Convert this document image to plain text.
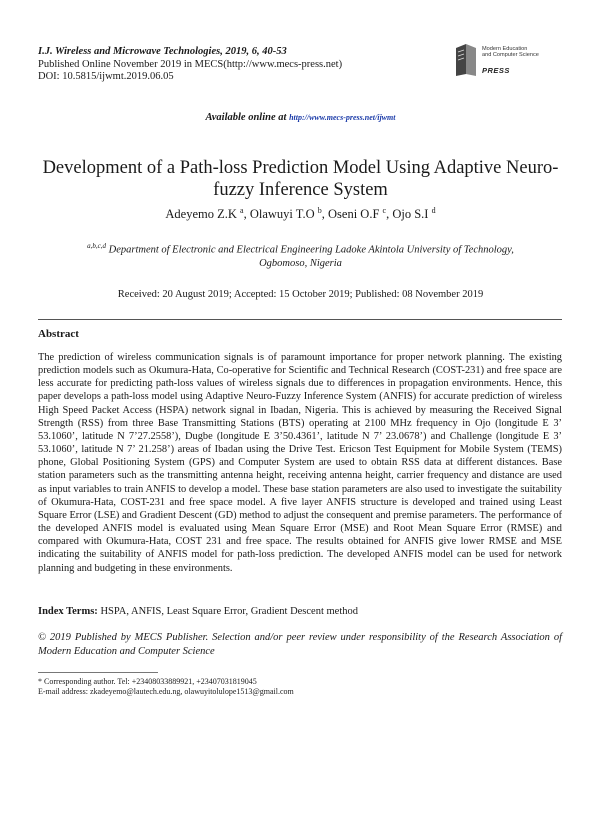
I.J. Wireless and Microwave Technologies, 2019, 6, 40-53
Published Online November 2019 in MECS(http://www.mecs-press.net)
DOI: 10.5815/ijwmt.2019.06.05
Modern Education
and Computer Science
PRESS
Available online at http://www.mecs-press.net/ijwmt
Development of a Path-loss Prediction Model Using Adaptive Neuro-
fuzzy Inference System
Adeyemo Z.K $^a$, Olawuyi T.O $^b$, Oseni O.F $^c$, Ojo S.I $^d$
$^{a,b,c,d}$ Department of Electronic and Electrical Engineering Ladoke Akintola University of Technology,
Ogbomoso, Nigeria
Received: 20 August 2019; Accepted: 15 October 2019; Published: 08 November 2019
Abstract
The prediction of wireless communication signals is of paramount importance for proper network planning. The existing prediction models such as Okumura-Hata, Co-operative for Scientific and Technical Research (COST-231) and free space are less accurate for predicting path-loss values of wireless signals due to differences in propagation environments. Hence, this paper develops a path-loss model using Adaptive Neuro-Fuzzy Inference System (ANFIS) for accurate prediction of wireless High Speed Packet Access (HSPA) network signal in Ibadan, Nigeria. This is achieved by measuring the Received Signal Strength (RSS) from three Base Transmitting Stations (BTS) operating at 2100 MHz frequency in Ojo (longitude E 3’ 53.1060’, latitude N 7’27.2558’), Dugbe (longitude E 3’50.4361’, latitude N 7’ 23.0678’) and Challenge (longitude E 3’ 53.1060’, latitude N 7’ 21.258’) areas of Ibadan using the Drive Test. Ericson Test Equipment for Mobile System (TEMS) phone, Global Positioning System (GPS) and Computer System are used to obtain RSS data at different distances. Base station parameters such as the transmitting antenna height, receiving antenna height, carrier frequency and distance are used as input variables to train ANFIS to develop a model. These base station parameters are also used to investigate the suitability of Okumura-Hata, COST-231 and free space model. A five layer ANFIS structure is developed and trained using Least Square Error (LSE) and Gradient Descent (GD) method to adjust the consequent and premise parameters. The performance of the developed ANFIS model is evaluated using Mean Square Error (MSE) and Root Mean Square Error (RMSE) and compared with Okumura-Hata, COST 231 and free space. The results obtained for ANFIS give lower RMSE and MSE indicating the suitability of ANFIS model for path-loss prediction. The developed ANFIS model can be used for network planning and budgeting in these environments.
Index Terms: HSPA, ANFIS, Least Square Error, Gradient Descent method
© 2019 Published by MECS Publisher. Selection and/or peer review under responsibility of the Research Association of Modern Education and Computer Science
* Corresponding author. Tel: +23408033889921, +23407031819045
E-mail address: zkadeyemo@lautech.edu.ng, olawuyitolulope1513@gmail.com
